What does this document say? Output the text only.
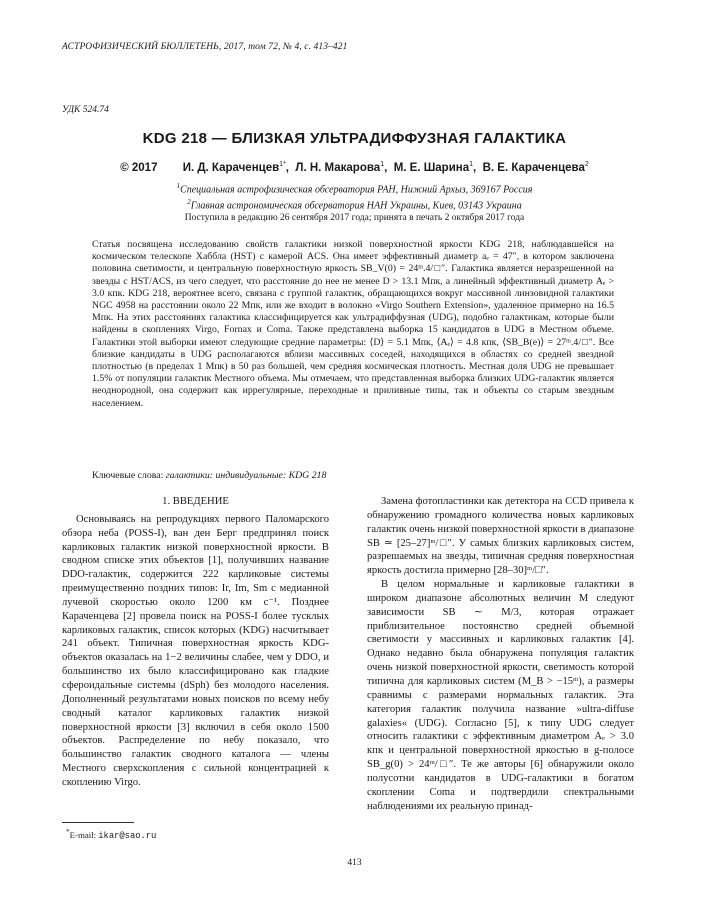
АСТРОФИЗИЧЕСКИЙ БЮЛЛЕТЕНЬ, 2017, том 72, № 4, с. 413–421
УДК 524.74
KDG 218 — БЛИЗКАЯ УЛЬТРАДИФФУЗНАЯ ГАЛАКТИКА
© 2017 И. Д. Караченцев$^{1*}$,  Л. Н. Макарова$^1$,  М. Е. Шарина$^1$,  В. Е. Караченцева$^2$
$^1$Специальная астрофизическая обсерватория РАН, Нижний Архыз, 369167 Россия
$^2$Главная астрономическая обсерватория НАН Украины, Киев, 03143 Украина
Поступила в редакцию 26 сентября 2017 года; принята в печать 2 октября 2017 года
Статья посвящена исследованию свойств галактики низкой поверхностной яркости KDG 218, наблюдавшейся на космическом телескопе Хаббла (HST) с камерой ACS. Она имеет эффективный диаметр aₑ = 47″, в котором заключена половина светимости, и центральную поверхностную яркость SB_V(0) = 24ᵐ.4/□″. Галактика является неразрешенной на звезды с HST/ACS, из чего следует, что расстояние до нее не менее D > 13.1 Мпк, а линейный эффективный диаметр Aₑ > 3.0 кпк. KDG 218, вероятнее всего, связана с группой галактик, обращающихся вокруг массивной линзовидной галактики NGC 4958 на расстоянии около 22 Мпк, или же входит в волокно «Virgo Southern Extension», удаленное примерно на 16.5 Мпк. На этих расстояниях галактика классифицируется как ультрадиффузная (UDG), подобно галактикам, которые были найдены в скоплениях Virgo, Fornax и Coma. Также представлена выборка 15 кандидатов в UDG в Местном объеме. Галактики этой выборки имеют следующие средние параметры: ⟨D⟩ = 5.1 Мпк, ⟨Aₑ⟩ = 4.8 кпк, ⟨SB_B(e)⟩ = 27ᵐ.4/□″. Все близкие кандидаты в UDG располагаются вблизи массивных соседей, находящихся в областях со средней звездной плотностью (в пределах 1 Мпк) в 50 раз большей, чем средняя космическая плотность. Местная доля UDG не превышает 1.5% от популяции галактик Местного объема. Мы отмечаем, что представленная выборка близких UDG-галактик является неоднородной, она содержит как иррегулярные, переходные и приливные типы, так и объекты со старым звездным населением.
Ключевые слова: галактики: индивидуальные: KDG 218
1. ВВЕДЕНИЕ

Основываясь на репродукциях первого Паломарского обзора неба (POSS-I), ван ден Берг предпринял поиск карликовых галактик низкой поверхностной яркости. В сводном списке этих объектов [1], получивших название DDO-галактик, содержится 222 карликовые системы преимущественно поздних типов: Ir, Im, Sm с медианной лучевой скоростью около 1200 км с⁻¹. Позднее Караченцева [2] провела поиск на POSS-I более тусклых карликовых галактик, список которых (KDG) насчитывает 241 объект. Типичная поверхностная яркость KDG-объектов оказалась на 1−2 величины слабее, чем у DDO, и большинство их было классифицировано как гладкие сфероидальные системы (dSph) без молодого населения. Дополненный результатами новых поисков по всему небу сводный каталог карликовых галактик низкой поверхностной яркости [3] включил в себя около 1500 объектов. Распределение по небу показало, что большинство галактик сводного каталога — члены Местного сверхскопления с сильной концентрацией к скоплению Virgo.

Замена фотопластинки как детектора на CCD привела к обнаружению громадного количества новых карликовых галактик очень низкой поверхностной яркости в диапазоне SB ≃ [25–27]ᵐ/□″. У самых близких карликовых систем, разрешаемых на звезды, типичная средняя поверхностная яркость достигла примерно [28–30]ᵐ/□″.

В целом нормальные и карликовые галактики в широком диапазоне абсолютных величин M следуют зависимости SB ∼ M/3, которая отражает приблизительное постоянство средней объемной светимости у массивных и карликовых галактик [4]. Однако недавно была обнаружена популяция галактик очень низкой поверхностной яркости, светимость которой типична для карликовых систем (M_B > −15ᵐ), а размеры сравнимы с размерами нормальных галактик. Эта категория галактик получила название »ultra-diffuse galaxies« (UDG). Согласно [5], к типу UDG следует относить галактики с эффективным диаметром Aₑ > 3.0 кпк и центральной поверхностной яркостью в g-полосе SB_g(0) > 24ᵐ/□″. Те же авторы [6] обнаружили около полусотни кандидатов в UDG-галактики в богатом скоплении Coma и подтвердили спектральными наблюдениями их реальную принад-

*E-mail: ikar@sao.ru
413
